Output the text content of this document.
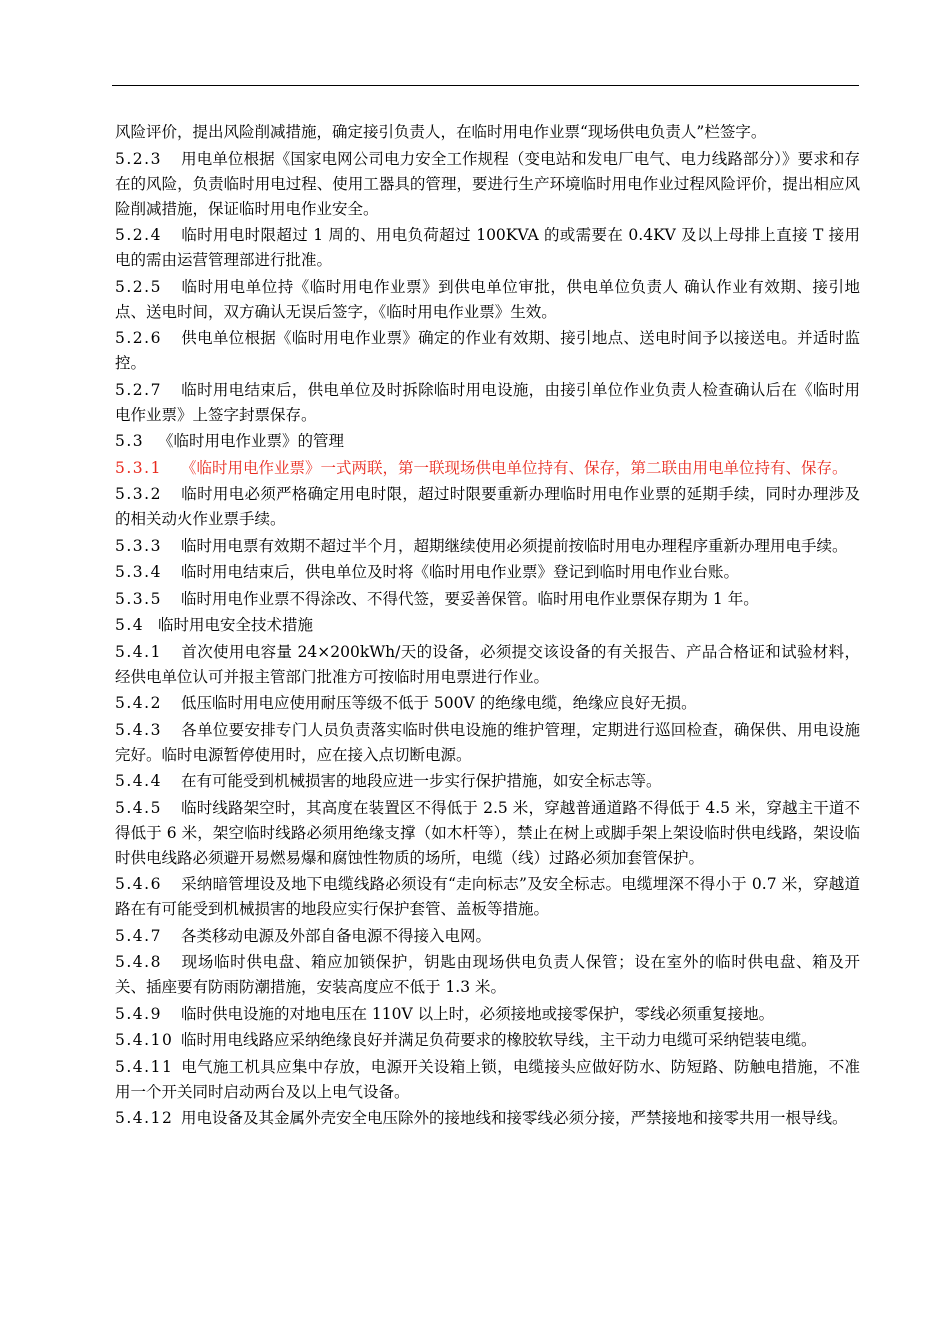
风险评价，提出风险削减措施，确定接引负责人，在临时用电作业票“现场供电负责人”栏签字。

5.2.3 用电单位根据《国家电网公司电力安全工作规程（变电站和发电厂电气、电力线路部分）》要求和存在的风险，负责临时用电过程、使用工器具的管理，要进行生产环境临时用电作业过程风险评价，提出相应风险削减措施，保证临时用电作业安全。

5.2.4 临时用电时限超过 1 周的、用电负荷超过 100KVA 的或需要在 0.4KV 及以上母排上直接 T 接用电的需由运营管理部进行批准。

5.2.5 临时用电单位持《临时用电作业票》到供电单位审批，供电单位负责人 确认作业有效期、接引地点、送电时间，双方确认无误后签字，《临时用电作业票》生效。

5.2.6 供电单位根据《临时用电作业票》确定的作业有效期、接引地点、送电时间予以接送电。并适时监控。

5.2.7 临时用电结束后，供电单位及时拆除临时用电设施，由接引单位作业负责人检查确认后在《临时用电作业票》上签字封票保存。

5.3 《临时用电作业票》的管理

5.3.1 《临时用电作业票》一式两联，第一联现场供电单位持有、保存，第二联由用电单位持有、保存。

5.3.2 临时用电必须严格确定用电时限，超过时限要重新办理临时用电作业票的延期手续，同时办理涉及的相关动火作业票手续。

5.3.3 临时用电票有效期不超过半个月，超期继续使用必须提前按临时用电办理程序重新办理用电手续。

5.3.4 临时用电结束后，供电单位及时将《临时用电作业票》登记到临时用电作业台账。

5.3.5 临时用电作业票不得涂改、不得代签，要妥善保管。临时用电作业票保存期为 1 年。

5.4 临时用电安全技术措施

5.4.1 首次使用电容量 24×200kWh/天的设备，必须提交该设备的有关报告、产品合格证和试验材料，经供电单位认可并报主管部门批准方可按临时用电票进行作业。

5.4.2 低压临时用电应使用耐压等级不低于 500V 的绝缘电缆，绝缘应良好无损。

5.4.3 各单位要安排专门人员负责落实临时供电设施的维护管理，定期进行巡回检查，确保供、用电设施完好。临时电源暂停使用时，应在接入点切断电源。

5.4.4 在有可能受到机械损害的地段应进一步实行保护措施，如安全标志等。

5.4.5 临时线路架空时，其高度在装置区不得低于 2.5 米，穿越普通道路不得低于 4.5 米，穿越主干道不得低于 6 米，架空临时线路必须用绝缘支撑（如木杆等），禁止在树上或脚手架上架设临时供电线路，架设临时供电线路必须避开易燃易爆和腐蚀性物质的场所，电缆（线）过路必须加套管保护。

5.4.6 采纳暗管埋设及地下电缆线路必须设有“走向标志”及安全标志。电缆埋深不得小于 0.7 米，穿越道路在有可能受到机械损害的地段应实行保护套管、盖板等措施。

5.4.7 各类移动电源及外部自备电源不得接入电网。

5.4.8 现场临时供电盘、箱应加锁保护，钥匙由现场供电负责人保管；设在室外的临时供电盘、箱及开关、插座要有防雨防潮措施，安装高度应不低于 1.3 米。

5.4.9 临时供电设施的对地电压在 110V 以上时，必须接地或接零保护，零线必须重复接地。

5.4.10 临时用电线路应采纳绝缘良好并满足负荷要求的橡胶软导线，主干动力电缆可采纳铠装电缆。

5.4.11 电气施工机具应集中存放，电源开关设箱上锁，电缆接头应做好防水、防短路、防触电措施，不准用一个开关同时启动两台及以上电气设备。

5.4.12 用电设备及其金属外壳安全电压除外的接地线和接零线必须分接，严禁接地和接零共用一根导线。
